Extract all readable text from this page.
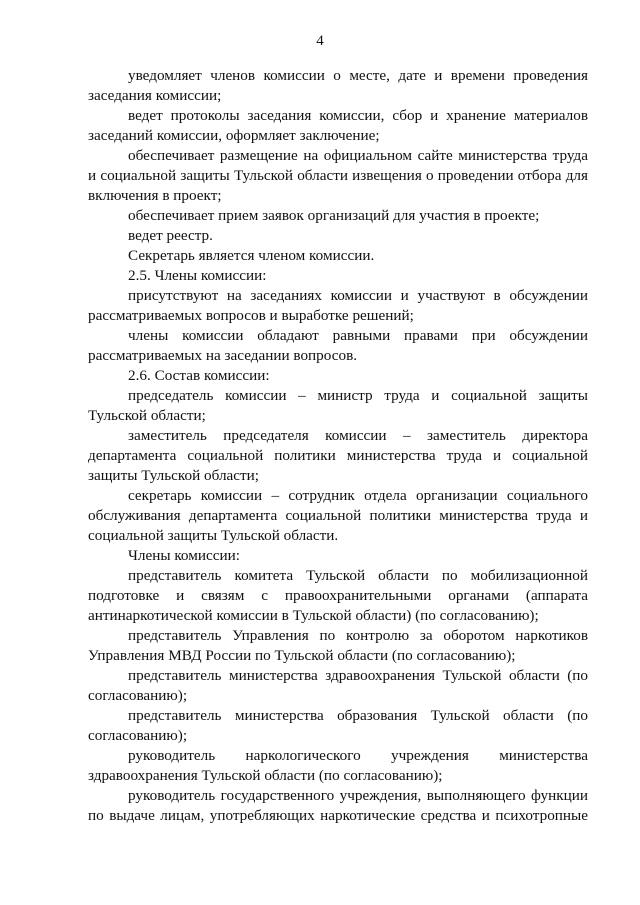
4

уведомляет членов комиссии о месте, дате и времени проведения заседания комиссии;

ведет протоколы заседания комиссии, сбор и хранение материалов заседаний комиссии, оформляет заключение;

обеспечивает размещение на официальном сайте министерства труда и социальной защиты Тульской области извещения о проведении отбора для включения в проект;

обеспечивает прием заявок организаций для участия в проекте;

ведет реестр.

Секретарь является членом комиссии.

2.5. Члены комиссии:

присутствуют на заседаниях комиссии и участвуют в обсуждении рассматриваемых вопросов и выработке решений;

члены комиссии обладают равными правами при обсуждении рассматриваемых на заседании вопросов.

2.6. Состав комиссии:

председатель комиссии – министр труда и социальной защиты Тульской области;

заместитель председателя комиссии – заместитель директора департамента социальной политики министерства труда и социальной защиты Тульской области;

секретарь комиссии – сотрудник отдела организации социального обслуживания департамента социальной политики министерства труда и социальной защиты Тульской области.

Члены комиссии:

представитель комитета Тульской области по мобилизационной подготовке и связям с правоохранительными органами (аппарата антинаркотической комиссии в Тульской области) (по согласованию);

представитель Управления по контролю за оборотом наркотиков Управления МВД России по Тульской области (по согласованию);

представитель министерства здравоохранения Тульской области (по согласованию);

представитель министерства образования Тульской области (по согласованию);

руководитель наркологического учреждения министерства здравоохранения Тульской области (по согласованию);

руководитель государственного учреждения, выполняющего функции по выдаче лицам, употребляющих наркотические средства и психотропные
